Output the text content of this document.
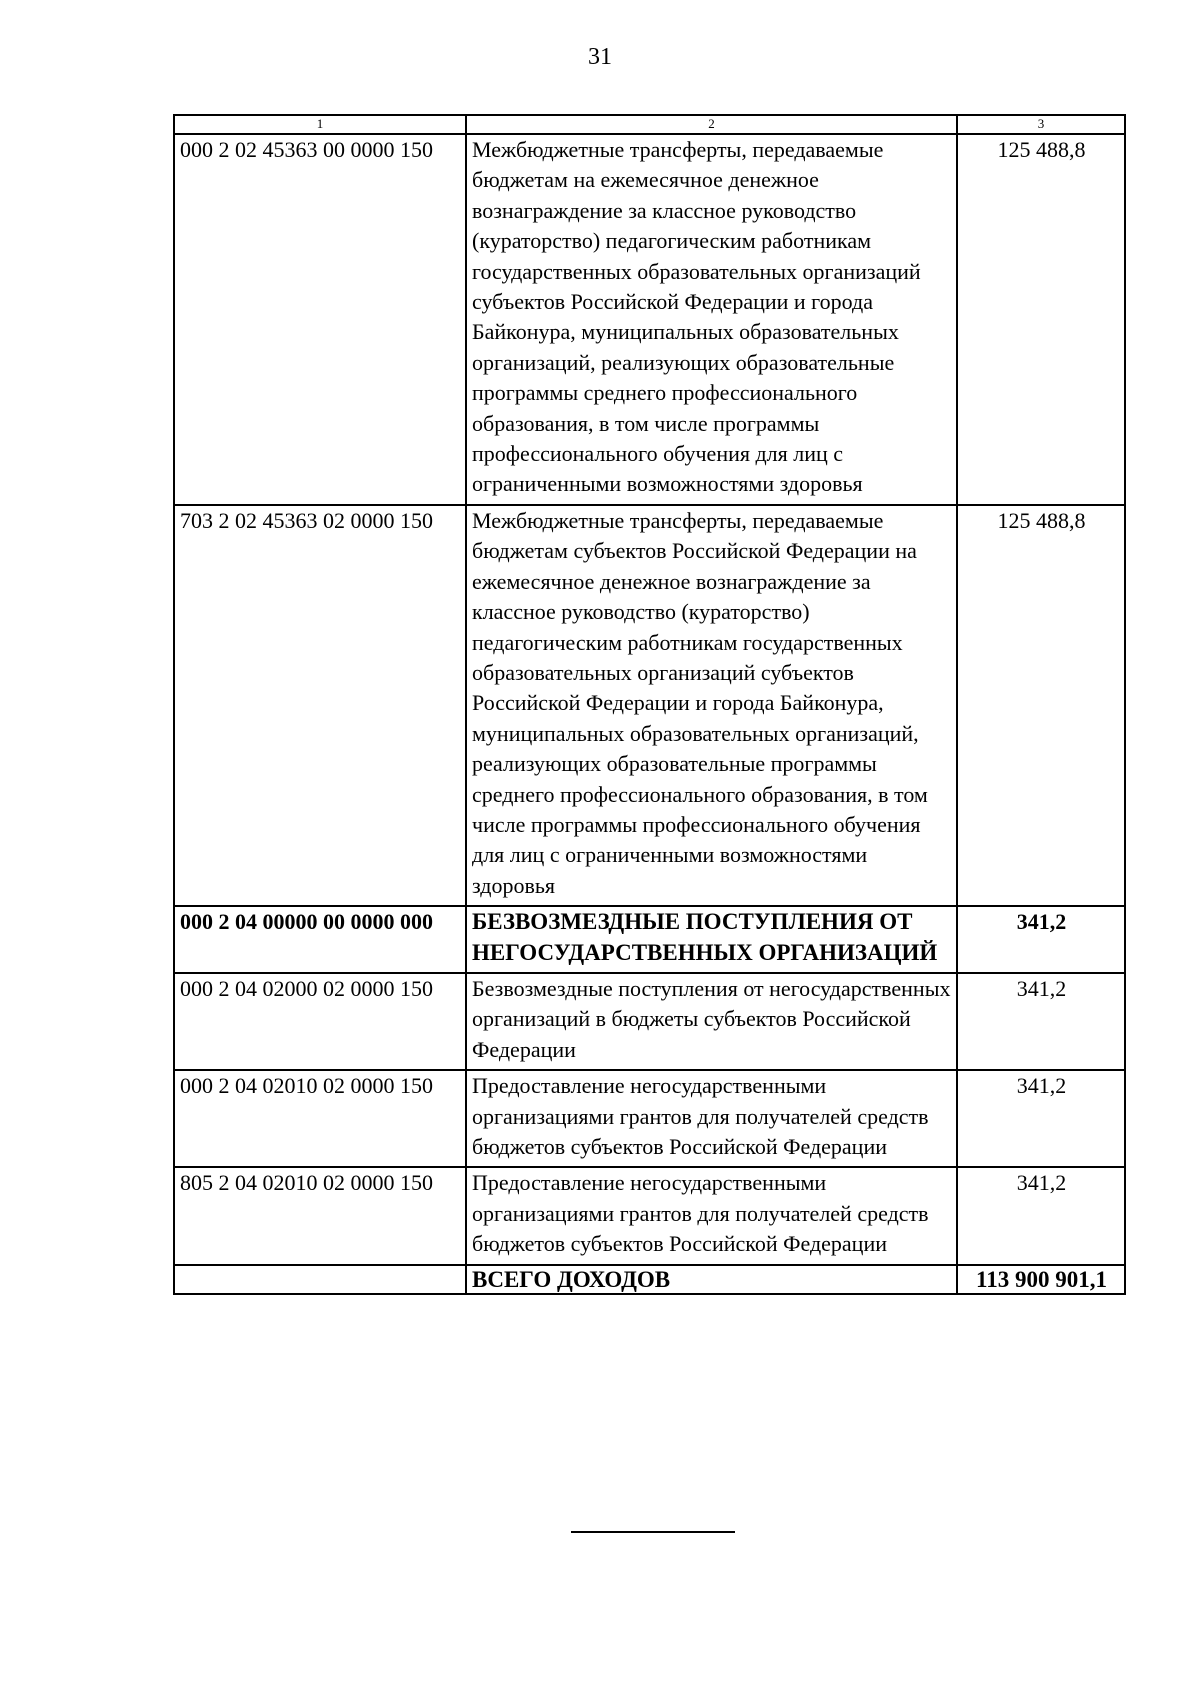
31
1	2	3
000 2 02 45363 00 0000 150	Межбюджетные трансферты, передаваемые бюджетам на ежемесячное денежное вознаграждение за классное руководство (кураторство) педагогическим работникам государственных образовательных организаций субъектов Российской Федерации и города Байконура, муниципальных образовательных организаций, реализующих образовательные программы среднего профессионального образования, в том числе программы профессионального обучения для лиц с ограниченными возможностями здоровья	125 488,8
703 2 02 45363 02 0000 150	Межбюджетные трансферты, передаваемые бюджетам субъектов Российской Федерации на ежемесячное денежное вознаграждение за классное руководство (кураторство) педагогическим работникам государственных образовательных организаций субъектов Российской Федерации и города Байконура, муниципальных образовательных организаций, реализующих образовательные программы среднего профессионального образования, в том числе программы профессионального обучения для лиц с ограниченными возможностями здоровья	125 488,8
000 2 04 00000 00 0000 000	БЕЗВОЗМЕЗДНЫЕ ПОСТУПЛЕНИЯ ОТ НЕГОСУДАРСТВЕННЫХ ОРГАНИЗАЦИЙ	341,2
000 2 04 02000 02 0000 150	Безвозмездные поступления от негосударственных организаций в бюджеты субъектов Российской Федерации	341,2
000 2 04 02010 02 0000 150	Предоставление негосударственными организациями грантов для получателей средств бюджетов субъектов Российской Федерации	341,2
805 2 04 02010 02 0000 150	Предоставление негосударственными организациями грантов для получателей средств бюджетов субъектов Российской Федерации	341,2
	ВСЕГО ДОХОДОВ	113 900 901,1
